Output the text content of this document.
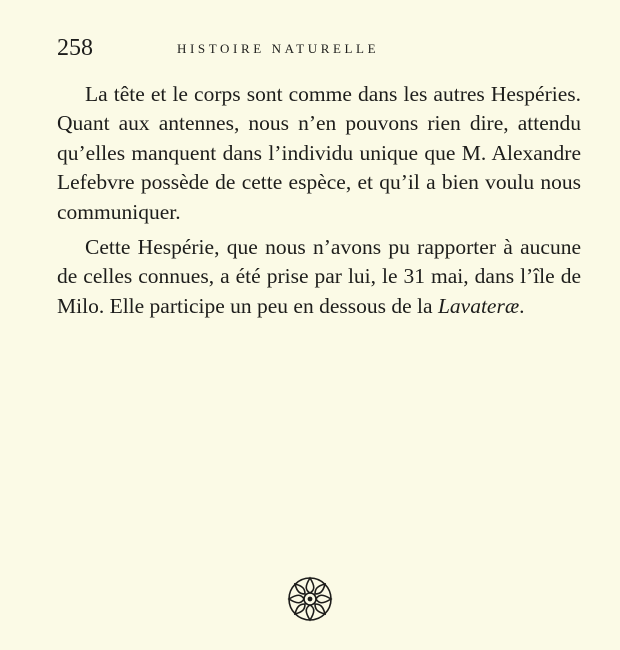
258	HISTOIRE NATURELLE

La tête et le corps sont comme dans les autres Hespéries. Quant aux antennes, nous n’en pouvons rien dire, attendu qu’elles manquent dans l’individu unique que M. Alexandre Lefebvre possède de cette espèce, et qu’il a bien voulu nous communiquer.

Cette Hespérie, que nous n’avons pu rapporter à aucune de celles connues, a été prise par lui, le 31 mai, dans l’île de Milo. Elle participe un peu en dessous de la Lavateræ.
